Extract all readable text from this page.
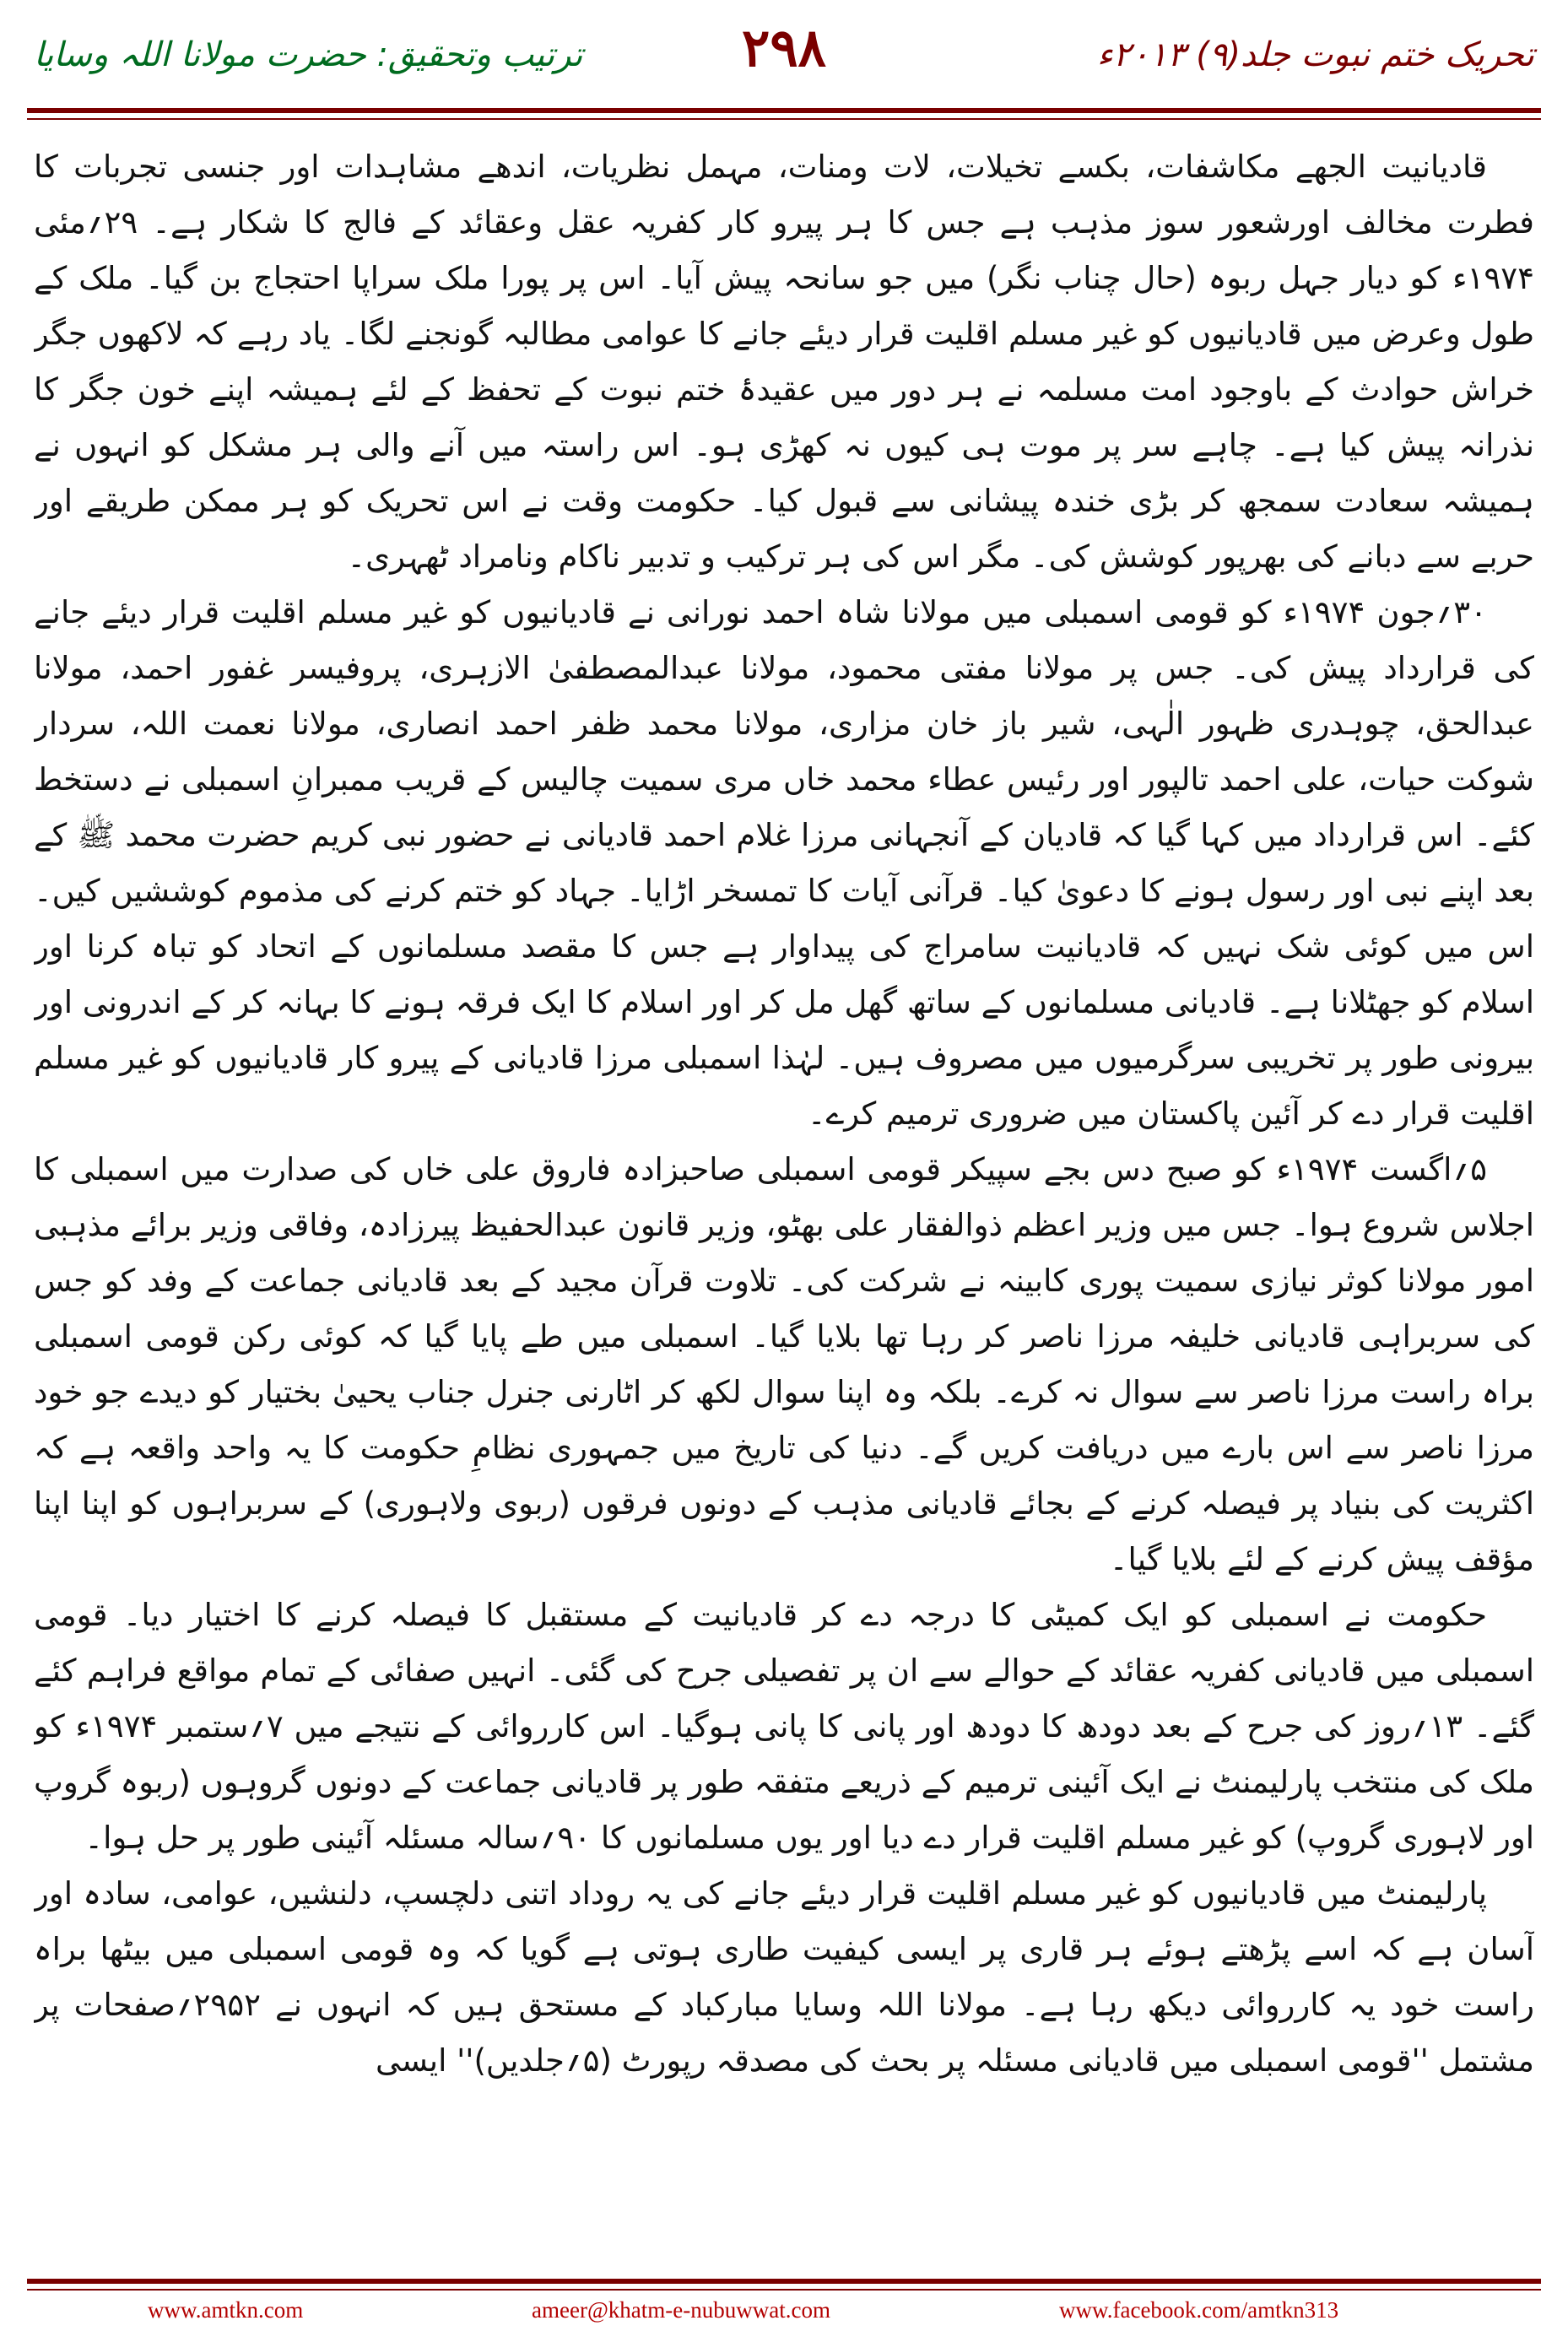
تحریک ختم نبوت جلد(۹) ۲۰۱۳ء
۲۹۸
ترتیب وتحقیق: حضرت مولانا اللہ وسایا

قادیانیت الجھے مکاشفات، بکسے تخیلات، لات ومنات، مہمل نظریات، اندھے مشاہدات اور جنسی تجربات کا فطرت مخالف اورشعور سوز مذہب ہے جس کا ہر پیرو کار کفریہ عقل وعقائد کے فالج کا شکار ہے۔ ۲۹؍مئی ۱۹۷۴ء کو دیار جہل ربوہ (حال چناب نگر) میں جو سانحہ پیش آیا۔ اس پر پورا ملک سراپا احتجاج بن گیا۔ ملک کے طول وعرض میں قادیانیوں کو غیر مسلم اقلیت قرار دیئے جانے کا عوامی مطالبہ گونجنے لگا۔ یاد رہے کہ لاکھوں جگر خراش حوادث کے باوجود امت مسلمہ نے ہر دور میں عقیدۂ ختم نبوت کے تحفظ کے لئے ہمیشہ اپنے خون جگر کا نذرانہ پیش کیا ہے۔ چاہے سر پر موت ہی کیوں نہ کھڑی ہو۔ اس راستہ میں آنے والی ہر مشکل کو انہوں نے ہمیشہ سعادت سمجھ کر بڑی خندہ پیشانی سے قبول کیا۔ حکومت وقت نے اس تحریک کو ہر ممکن طریقے اور حربے سے دبانے کی بھرپور کوشش کی۔ مگر اس کی ہر ترکیب و تدبیر ناکام ونامراد ٹھہری۔

۳۰؍جون ۱۹۷۴ء کو قومی اسمبلی میں مولانا شاہ احمد نورانی نے قادیانیوں کو غیر مسلم اقلیت قرار دیئے جانے کی قرارداد پیش کی۔ جس پر مولانا مفتی محمود، مولانا عبدالمصطفیٰ الازہری، پروفیسر غفور احمد، مولانا عبدالحق، چوہدری ظہور الٰہی، شیر باز خان مزاری، مولانا محمد ظفر احمد انصاری، مولانا نعمت اللہ، سردار شوکت حیات، علی احمد تالپور اور رئیس عطاء محمد خاں مری سمیت چالیس کے قریب ممبرانِ اسمبلی نے دستخط کئے۔ اس قرارداد میں کہا گیا کہ قادیان کے آنجہانی مرزا غلام احمد قادیانی نے حضور نبی کریم حضرت محمد ﷺ کے بعد اپنے نبی اور رسول ہونے کا دعویٰ کیا۔ قرآنی آیات کا تمسخر اڑایا۔ جہاد کو ختم کرنے کی مذموم کوششیں کیں۔ اس میں کوئی شک نہیں کہ قادیانیت سامراج کی پیداوار ہے جس کا مقصد مسلمانوں کے اتحاد کو تباہ کرنا اور اسلام کو جھٹلانا ہے۔ قادیانی مسلمانوں کے ساتھ گھل مل کر اور اسلام کا ایک فرقہ ہونے کا بہانہ کر کے اندرونی اور بیرونی طور پر تخریبی سرگرمیوں میں مصروف ہیں۔ لہٰذا اسمبلی مرزا قادیانی کے پیرو کار قادیانیوں کو غیر مسلم اقلیت قرار دے کر آئین پاکستان میں ضروری ترمیم کرے۔

۵؍اگست ۱۹۷۴ء کو صبح دس بجے سپیکر قومی اسمبلی صاحبزادہ فاروق علی خاں کی صدارت میں اسمبلی کا اجلاس شروع ہوا۔ جس میں وزیر اعظم ذوالفقار علی بھٹو، وزیر قانون عبدالحفیظ پیرزادہ، وفاقی وزیر برائے مذہبی امور مولانا کوثر نیازی سمیت پوری کابینہ نے شرکت کی۔ تلاوت قرآن مجید کے بعد قادیانی جماعت کے وفد کو جس کی سربراہی قادیانی خلیفہ مرزا ناصر کر رہا تھا بلایا گیا۔ اسمبلی میں طے پایا گیا کہ کوئی رکن قومی اسمبلی براہ راست مرزا ناصر سے سوال نہ کرے۔ بلکہ وہ اپنا سوال لکھ کر اٹارنی جنرل جناب یحییٰ بختیار کو دیدے جو خود مرزا ناصر سے اس بارے میں دریافت کریں گے۔ دنیا کی تاریخ میں جمہوری نظامِ حکومت کا یہ واحد واقعہ ہے کہ اکثریت کی بنیاد پر فیصلہ کرنے کے بجائے قادیانی مذہب کے دونوں فرقوں (ربوی ولاہوری) کے سربراہوں کو اپنا اپنا مؤقف پیش کرنے کے لئے بلایا گیا۔

حکومت نے اسمبلی کو ایک کمیٹی کا درجہ دے کر قادیانیت کے مستقبل کا فیصلہ کرنے کا اختیار دیا۔ قومی اسمبلی میں قادیانی کفریہ عقائد کے حوالے سے ان پر تفصیلی جرح کی گئی۔ انہیں صفائی کے تمام مواقع فراہم کئے گئے۔ ۱۳؍روز کی جرح کے بعد دودھ کا دودھ اور پانی کا پانی ہوگیا۔ اس کارروائی کے نتیجے میں ۷؍ستمبر ۱۹۷۴ء کو ملک کی منتخب پارلیمنٹ نے ایک آئینی ترمیم کے ذریعے متفقہ طور پر قادیانی جماعت کے دونوں گروہوں (ربوہ گروپ اور لاہوری گروپ) کو غیر مسلم اقلیت قرار دے دیا اور یوں مسلمانوں کا ۹۰؍سالہ مسئلہ آئینی طور پر حل ہوا۔

پارلیمنٹ میں قادیانیوں کو غیر مسلم اقلیت قرار دیئے جانے کی یہ روداد اتنی دلچسپ، دلنشیں، عوامی، سادہ اور آسان ہے کہ اسے پڑھتے ہوئے ہر قاری پر ایسی کیفیت طاری ہوتی ہے گویا کہ وہ قومی اسمبلی میں بیٹھا براہ راست خود یہ کارروائی دیکھ رہا ہے۔ مولانا اللہ وسایا مبارکباد کے مستحق ہیں کہ انہوں نے ۲۹۵۲؍صفحات پر مشتمل ''قومی اسمبلی میں قادیانی مسئلہ پر بحث کی مصدقہ رپورٹ (۵؍جلدیں)'' ایسی

www.amtkn.com	ameer@khatm-e-nubuwwat.com	www.facebook.com/amtkn313
